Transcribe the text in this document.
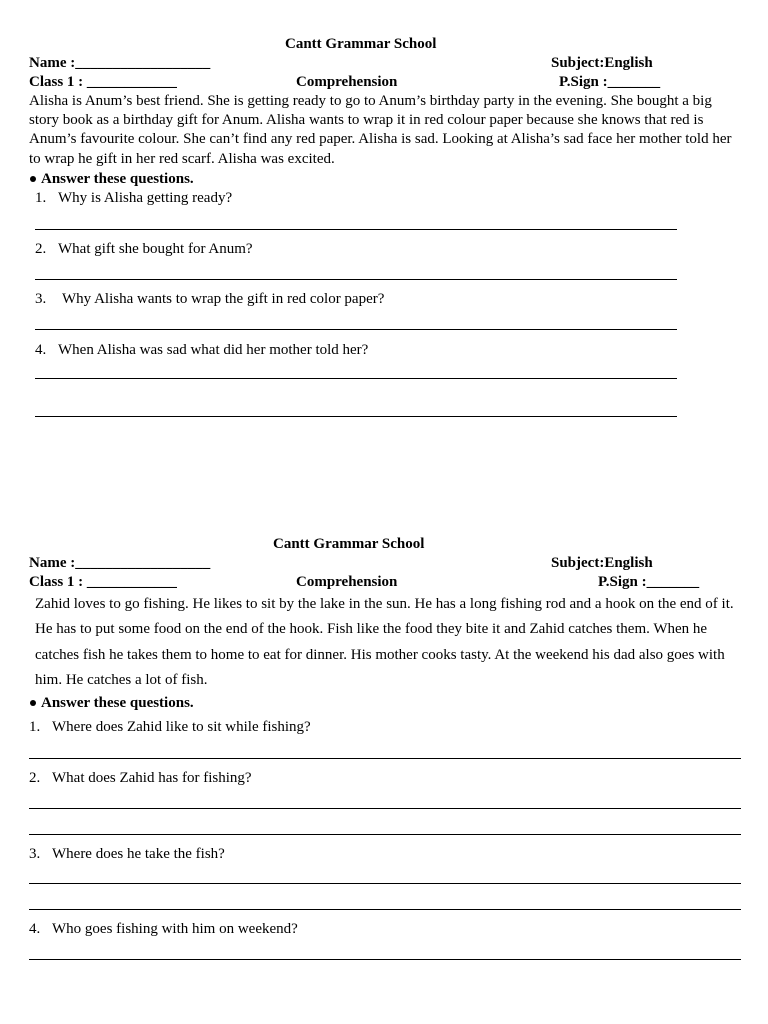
Cantt Grammar School
Name :__________________	Subject:English
Class 1 : ____________	Comprehension	P.Sign :_______
Alisha is Anum’s best friend. She is getting ready to go to Anum’s birthday party in the evening. She bought a big story book as a birthday gift for Anum. Alisha wants to wrap it in red colour paper because she knows that red is Anum’s favourite colour. She can’t find any red paper. Alisha is sad. Looking at Alisha’s sad face her mother told her to wrap he gift in her red scarf. Alisha was excited.
Answer these questions.
1. Why is Alisha getting ready?
2. What gift she bought for Anum?
3. Why Alisha wants to wrap the gift in red color paper?
4. When Alisha was sad what did her mother told her?
Cantt Grammar School
Name :__________________	Subject:English
Class 1 : ____________	Comprehension	P.Sign :_______
Zahid loves to go fishing. He likes to sit by the lake in the sun. He has a long fishing rod and a hook on the end of it. He has to put some food on the end of the hook. Fish like the food they bite it and Zahid catches them. When he catches fish he takes them to home to eat for dinner. His mother cooks tasty. At the weekend his dad also goes with him. He catches a lot of fish.
Answer these questions.
1. Where does Zahid like to sit while fishing?
2. What does Zahid has for fishing?
3. Where does he take the fish?
4. Who goes fishing with him on weekend?
